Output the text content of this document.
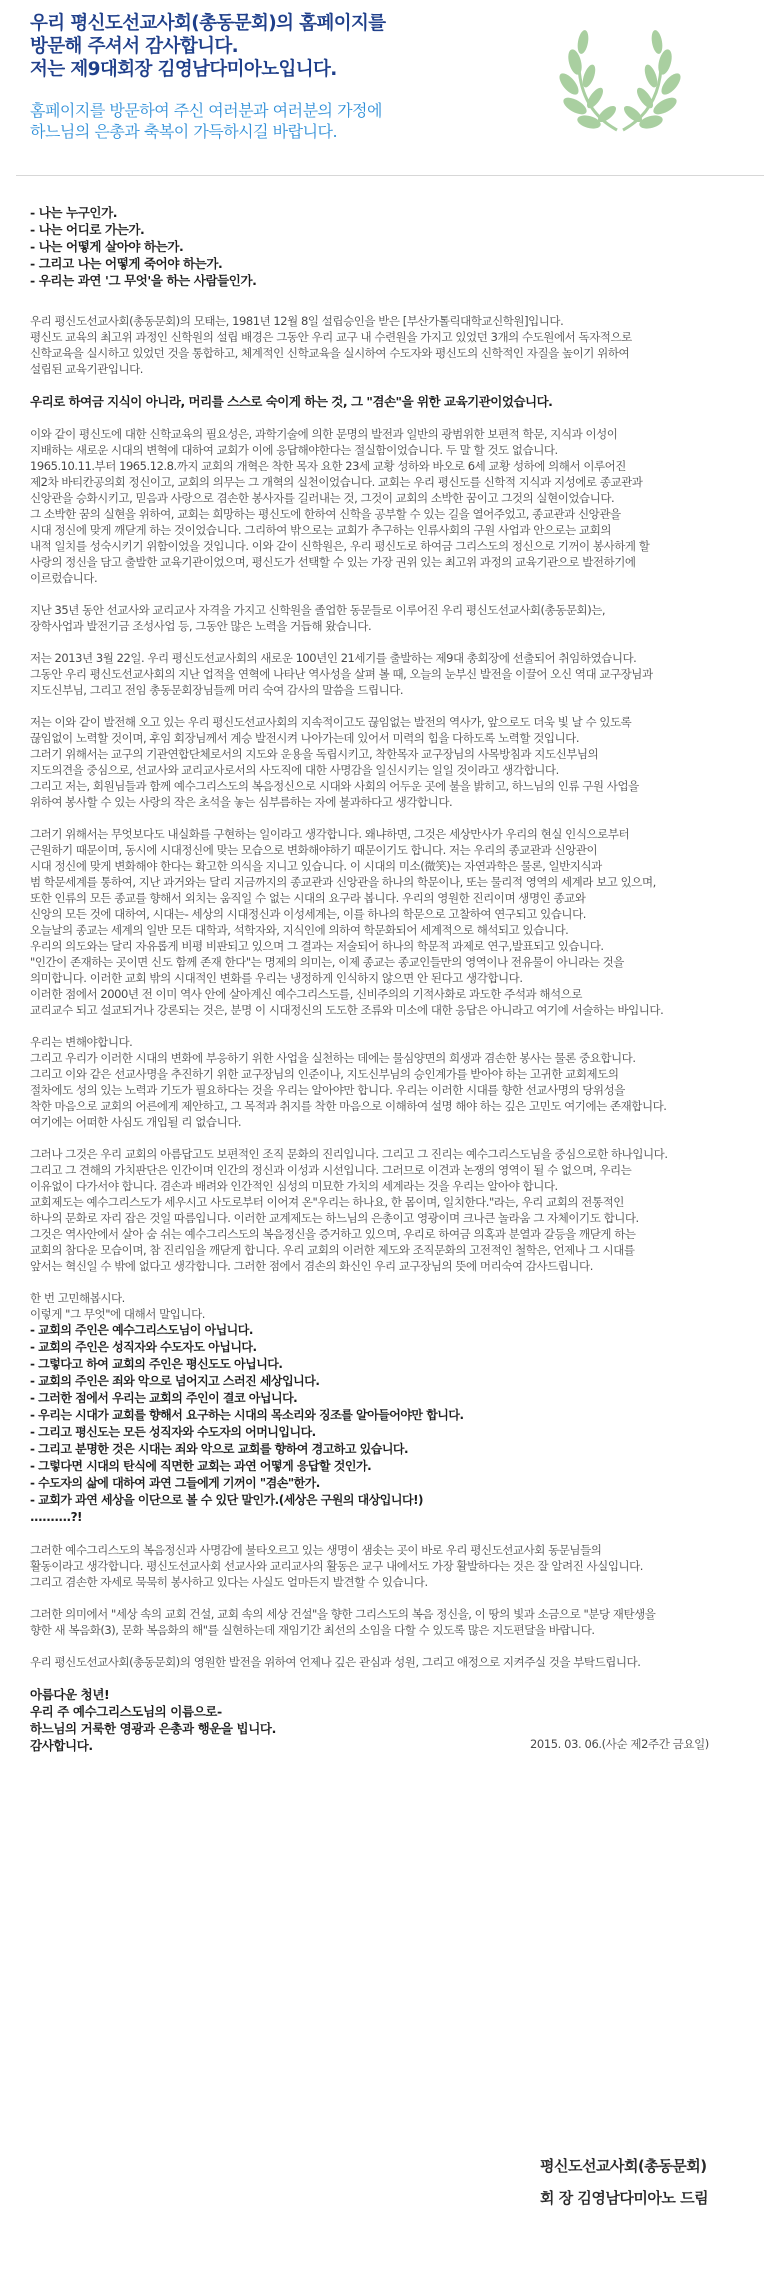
우리 평신도선교사회(총동문회)의 홈페이지를
방문해 주셔서 감사합니다.
저는 제9대회장 김영남다미아노입니다.
홈페이지를 방문하여 주신 여러분과 여러분의 가정에
하느님의 은총과 축복이 가득하시길 바랍니다.
- 나는 누구인가.
- 나는 어디로 가는가.
- 나는 어떻게 살아야 하는가.
- 그리고 나는 어떻게 죽어야 하는가.
- 우리는 과연 '그 무엇'을 하는 사람들인가.
우리 평신도선교사회(총동문회)의 모태는, 1981년 12월 8일 설립승인을 받은 [부산가톨릭대학교신학원]입니다.
평신도 교육의 최고위 과정인 신학원의 설립 배경은 그동안 우리 교구 내 수련원을 가지고 있었던 3개의 수도원에서 독자적으로
신학교육을 실시하고 있었던 것을 통합하고, 체계적인 신학교육을 실시하여 수도자와 평신도의 신학적인 자질을 높이기 위하여
설립된 교육기관입니다.
우리로 하여금 지식이 아니라, 머리를 스스로 숙이게 하는 것, 그 "겸손"을 위한 교육기관이었습니다.
이와 같이 평신도에 대한 신학교육의 필요성은, 과학기술에 의한 문명의 발전과 일반의 광범위한 보편적 학문, 지식과 이성이
지배하는 새로운 시대의 변혁에 대하여 교회가 이에 응답해야한다는 절실함이었습니다. 두 말 할 것도 없습니다.
1965.10.11.부터 1965.12.8.까지 교회의 개혁은 착한 목자 요한 23세 교황 성하와 바오로 6세 교황 성하에 의해서 이루어진
제2차 바티칸공의회 정신이고, 교회의 의무는 그 개혁의 실천이었습니다. 교회는 우리 평신도를 신학적 지식과 지성에로 종교관과
신앙관을 승화시키고, 믿음과 사랑으로 겸손한 봉사자를 길러내는 것, 그것이 교회의 소박한 꿈이고 그것의 실현이었습니다.
그 소박한 꿈의 실현을 위하여, 교회는 희망하는 평신도에 한하여 신학을 공부할 수 있는 길을 열어주었고, 종교관과 신앙관을
시대 정신에 맞게 깨닫게 하는 것이었습니다. 그리하여 밖으로는 교회가 추구하는 인류사회의 구원 사업과 안으로는 교회의
내적 일치를 성숙시키기 위함이었을 것입니다. 이와 같이 신학원은, 우리 평신도로 하여금 그리스도의 정신으로 기꺼이 봉사하게 할
사랑의 정신을 담고 출발한 교육기관이었으며, 평신도가 선택할 수 있는 가장 권위 있는 최고위 과정의 교육기관으로 발전하기에
이르렀습니다.
지난 35년 동안 선교사와 교리교사 자격을 가지고 신학원을 졸업한 동문들로 이루어진 우리 평신도선교사회(총동문회)는,
장학사업과 발전기금 조성사업 등, 그동안 많은 노력을 거듭해 왔습니다.
저는 2013년 3월 22일. 우리 평신도선교사회의 새로운 100년인 21세기를 출발하는 제9대 총회장에 선출되어 취임하였습니다.
그동안 우리 평신도선교사회의 지난 업적을 연혁에 나타난 역사성을 살펴 볼 때, 오늘의 눈부신 발전을 이끌어 오신 역대 교구장님과
지도신부님, 그리고 전임 총동문회장님들께 머리 숙여 감사의 말씀을 드립니다.
저는 이와 같이 발전해 오고 있는 우리 평신도선교사회의 지속적이고도 끊임없는 발전의 역사가, 앞으로도 더욱 빛 날 수 있도록
끊임없이 노력할 것이며, 후임 회장님께서 계승 발전시켜 나아가는데 있어서 미력의 힘을 다하도록 노력할 것입니다.
그러기 위해서는 교구의 기관연합단체로서의 지도와 운용을 독립시키고, 착한목자 교구장님의 사목방침과 지도신부님의
지도의견을 중심으로, 선교사와 교리교사로서의 사도직에 대한 사명감을 일신시키는 일일 것이라고 생각합니다.
그리고 저는, 회원님들과 함께 예수그리스도의 복음정신으로 시대와 사회의 어두운 곳에 불을 밝히고, 하느님의 인류 구원 사업을
위하여 봉사할 수 있는 사랑의 작은 초석을 놓는 심부름하는 자에 불과하다고 생각합니다.
그러기 위해서는 무엇보다도 내실화를 구현하는 일이라고 생각합니다. 왜냐하면, 그것은 세상만사가 우리의 현실 인식으로부터
근원하기 때문이며, 동시에 시대정신에 맞는 모습으로 변화해야하기 때문이기도 합니다. 저는 우리의 종교관과 신앙관이
시대 정신에 맞게 변화해야 한다는 확고한 의식을 지니고 있습니다. 이 시대의 미소(微笑)는 자연과학은 물론, 일반지식과
범 학문세계를 통하여, 지난 과거와는 달리 지금까지의 종교관과 신앙관을 하나의 학문이나, 또는 물리적 영역의 세계라 보고 있으며,
또한 인류의 모든 종교를 향해서 외치는 움직일 수 없는 시대의 요구라 봅니다. 우리의 영원한 진리이며 생명인 종교와
신앙의 모든 것에 대하여, 시대는- 세상의 시대정신과 이성세계는, 이를 하나의 학문으로 고찰하여 연구되고 있습니다.
오늘날의 종교는 세계의 일반 모든 대학과, 석학자와, 지식인에 의하여 학문화되어 세계적으로 해석되고 있습니다.
우리의 의도와는 달리 자유롭게 비평 비판되고 있으며 그 결과는 저술되어 하나의 학문적 과제로 연구,발표되고 있습니다.
"인간이 존재하는 곳이면 신도 함께 존재 한다"는 명제의 의미는, 이제 종교는 종교인들만의 영역이나 전유물이 아니라는 것을
의미합니다. 이러한 교회 밖의 시대적인 변화를 우리는 냉정하게 인식하지 않으면 안 된다고 생각합니다.
이러한 점에서 2000년 전 이미 역사 안에 살아계신 예수그리스도를, 신비주의의 기적사화로 과도한 주석과 해석으로
교리교수 되고 설교되거나 강론되는 것은, 분명 이 시대정신의 도도한 조류와 미소에 대한 응답은 아니라고 여기에 서술하는 바입니다.
우리는 변해야합니다.
그리고 우리가 이러한 시대의 변화에 부응하기 위한 사업을 실천하는 데에는 물심양면의 희생과 겸손한 봉사는 물론 중요합니다.
그리고 이와 같은 선교사명을 추진하기 위한 교구장님의 인준이나, 지도신부님의 승인계가를 받아야 하는 고귀한 교회제도의
절차에도 성의 있는 노력과 기도가 필요하다는 것을 우리는 알아야만 합니다. 우리는 이러한 시대를 향한 선교사명의 당위성을
착한 마음으로 교회의 어른에게 제안하고, 그 목적과 취지를 착한 마음으로 이해하여 설명 해야 하는 깊은 고민도 여기에는 존재합니다.
여기에는 어떠한 사심도 개입될 리 없습니다.
그러나 그것은 우리 교회의 아름답고도 보편적인 조직 문화의 진리입니다. 그리고 그 진리는 예수그리스도님을 중심으로한 하나입니다.
그리고 그 견해의 가치판단은 인간이며 인간의 정신과 이성과 시선입니다. 그러므로 이견과 논쟁의 영역이 될 수 없으며, 우리는
이유없이 다가서야 합니다. 겸손과 배려와 인간적인 심성의 미묘한 가치의 세계라는 것을 우리는 알아야 합니다.
교회제도는 예수그리스도가 세우시고 사도로부터 이어져 온"우리는 하나요, 한 몸이며, 일치한다."라는, 우리 교회의 전통적인
하나의 문화로 자리 잡은 것일 따름입니다. 이러한 교계제도는 하느님의 은총이고 영광이며 크나큰 놀라움 그 자체이기도 합니다.
그것은 역사안에서 살아 숨 쉬는 예수그리스도의 복음정신을 증거하고 있으며, 우리로 하여금 의혹과 분열과 갈등을 깨닫게 하는
교회의 참다운 모습이며, 참 진리임을 깨닫게 합니다. 우리 교회의 이러한 제도와 조직문화의 고전적인 철학은, 언제나 그 시대를
앞서는 혁신일 수 밖에 없다고 생각합니다. 그러한 점에서 겸손의 화신인 우리 교구장님의 뜻에 머리숙여 감사드립니다.
한 번 고민해봅시다.
이렇게 "그 무엇"에 대해서 말입니다.
- 교회의 주인은 예수그리스도님이 아닙니다.
- 교회의 주인은 성직자와 수도자도 아닙니다.
- 그렇다고 하여 교회의 주인은 평신도도 아닙니다.
- 교회의 주인은 죄와 악으로 넘어지고 스러진 세상입니다.
- 그러한 점에서 우리는 교회의 주인이 결코 아닙니다.
- 우리는 시대가 교회를 향해서 요구하는 시대의 목소리와 징조를 알아들어야만 합니다.
- 그리고 평신도는 모든 성직자와 수도자의 어머니입니다.
- 그리고 분명한 것은 시대는 죄와 악으로 교회를 향하여 경고하고 있습니다.
- 그렇다면 시대의 탄식에 직면한 교회는 과연 어떻게 응답할 것인가.
- 수도자의 삶에 대하여 과연 그들에게 기꺼이 "겸손"한가.
- 교회가 과연 세상을 이단으로 볼 수 있단 말인가.(세상은 구원의 대상입니다!)
..........?!
그러한 예수그리스도의 복음정신과 사명감에 불타오르고 있는 생명이 샘솟는 곳이 바로 우리 평신도선교사회 동문님들의
활동이라고 생각합니다. 평신도선교사회 선교사와 교리교사의 활동은 교구 내에서도 가장 활발하다는 것은 잘 알려진 사실입니다.
그리고 겸손한 자세로 묵묵히 봉사하고 있다는 사실도 얼마든지 발견할 수 있습니다.
그러한 의미에서 "세상 속의 교회 건설, 교회 속의 세상 건설"을 향한 그리스도의 복음 정신을, 이 땅의 빛과 소금으로 "분당 재탄생을
향한 새 복음화(3), 문화 복음화의 해"를 실현하는데 재임기간 최선의 소임을 다할 수 있도록 많은 지도편달을 바랍니다.
우리 평신도선교사회(총동문회)의 영원한 발전을 위하여 언제나 깊은 관심과 성원, 그리고 애정으로 지켜주실 것을 부탁드립니다.
아름다운 청년!
우리 주 예수그리스도님의 이름으로-
하느님의 거룩한 영광과 은총과 행운을 빕니다.
감사합니다.	2015. 03. 06.(사순 제2주간 금요일)
평신도선교사회(총동문회)
회 장 김영남다미아노 드림
